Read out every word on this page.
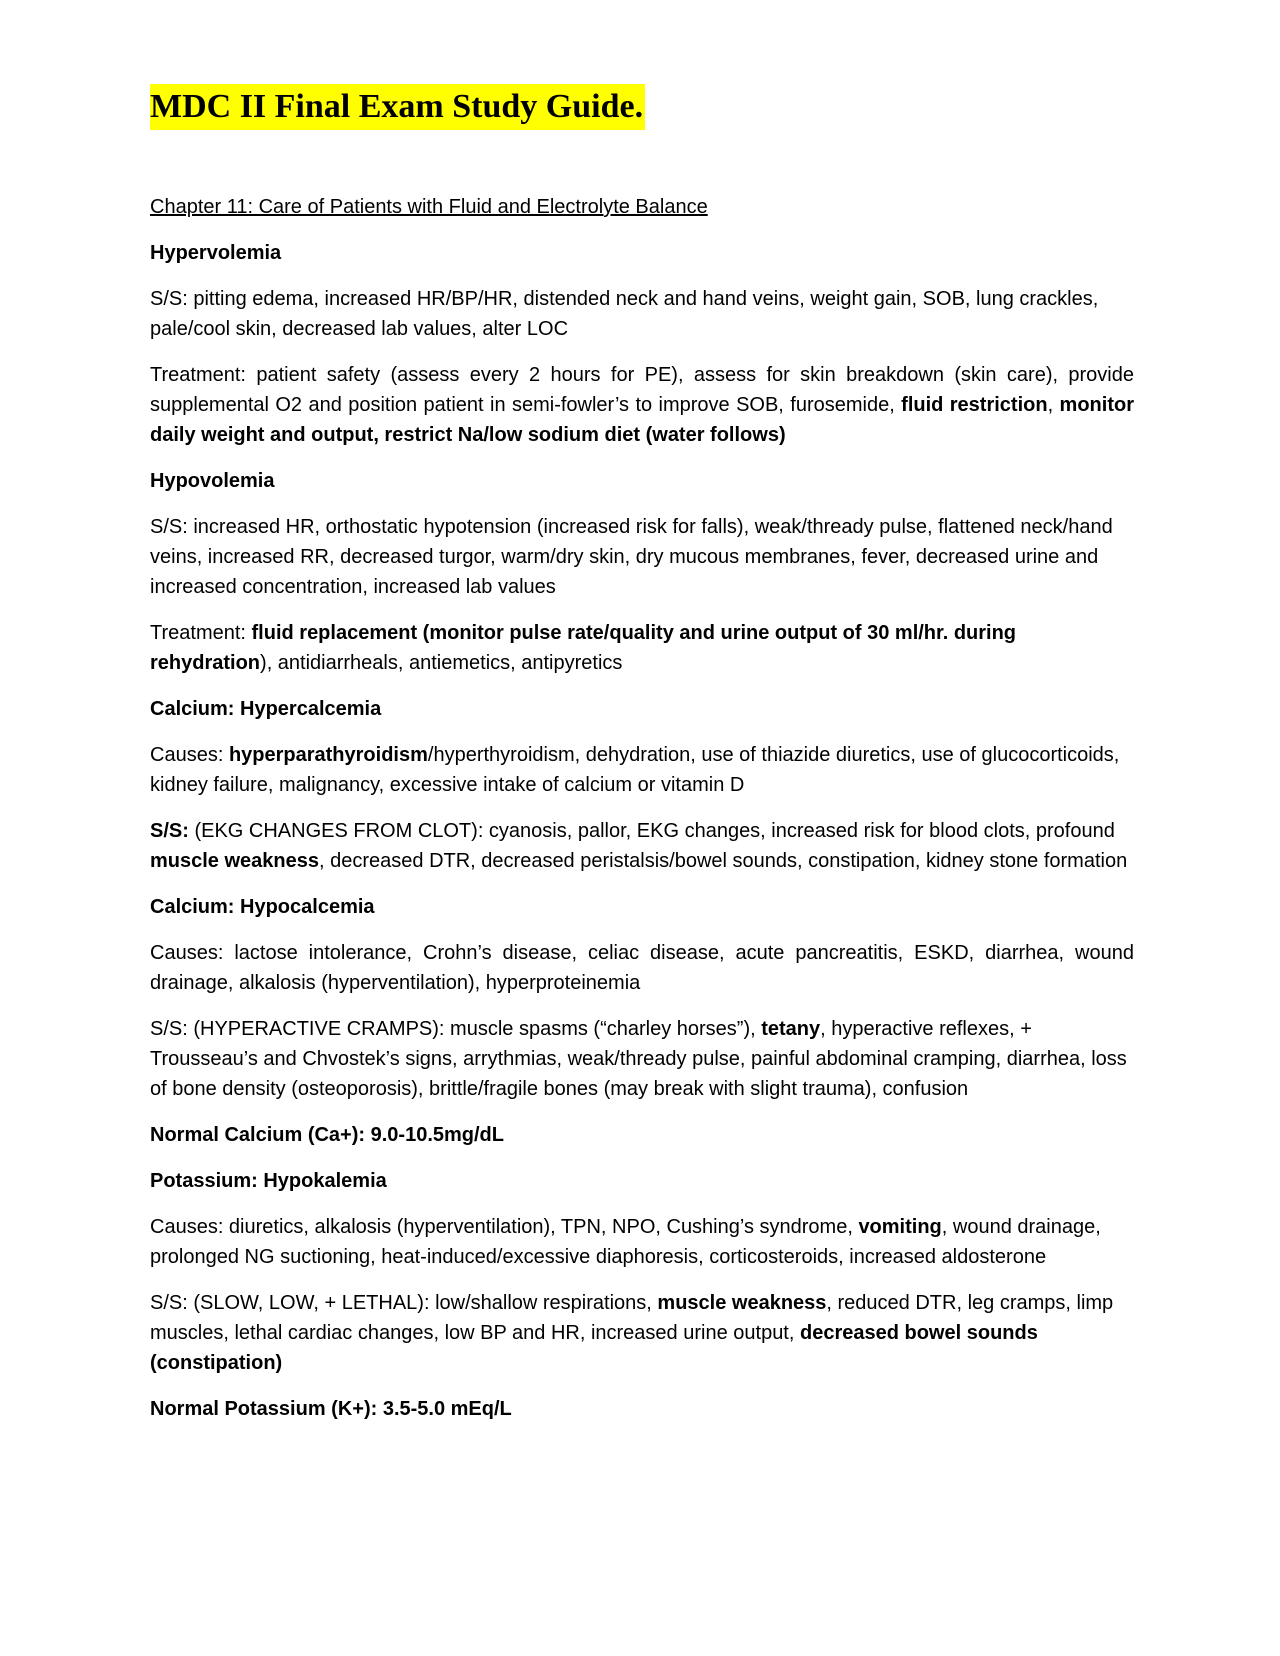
MDC II Final Exam Study Guide.
Chapter 11: Care of Patients with Fluid and Electrolyte Balance
Hypervolemia
S/S: pitting edema, increased HR/BP/HR, distended neck and hand veins, weight gain, SOB, lung crackles, pale/cool skin, decreased lab values, alter LOC
Treatment: patient safety (assess every 2 hours for PE), assess for skin breakdown (skin care), provide supplemental O2 and position patient in semi-fowler’s to improve SOB, furosemide, fluid restriction, monitor daily weight and output, restrict Na/low sodium diet (water follows)
Hypovolemia
S/S: increased HR, orthostatic hypotension (increased risk for falls), weak/thready pulse, flattened neck/hand veins, increased RR, decreased turgor, warm/dry skin, dry mucous membranes, fever, decreased urine and increased concentration, increased lab values
Treatment: fluid replacement (monitor pulse rate/quality and urine output of 30 ml/hr. during rehydration), antidiarrheals, antiemetics, antipyretics
Calcium: Hypercalcemia
Causes: hyperparathyroidism/hyperthyroidism, dehydration, use of thiazide diuretics, use of glucocorticoids, kidney failure, malignancy, excessive intake of calcium or vitamin D
S/S: (EKG CHANGES FROM CLOT): cyanosis, pallor, EKG changes, increased risk for blood clots, profound muscle weakness, decreased DTR, decreased peristalsis/bowel sounds, constipation, kidney stone formation
Calcium: Hypocalcemia
Causes: lactose intolerance, Crohn’s disease, celiac disease, acute pancreatitis, ESKD, diarrhea, wound drainage, alkalosis (hyperventilation), hyperproteinemia
S/S: (HYPERACTIVE CRAMPS): muscle spasms (“charley horses”), tetany, hyperactive reflexes, + Trousseau’s and Chvostek’s signs, arrythmias, weak/thready pulse, painful abdominal cramping, diarrhea, loss of bone density (osteoporosis), brittle/fragile bones (may break with slight trauma), confusion
Normal Calcium (Ca+): 9.0-10.5mg/dL
Potassium: Hypokalemia
Causes: diuretics, alkalosis (hyperventilation), TPN, NPO, Cushing’s syndrome, vomiting, wound drainage, prolonged NG suctioning, heat-induced/excessive diaphoresis, corticosteroids, increased aldosterone
S/S: (SLOW, LOW, + LETHAL): low/shallow respirations, muscle weakness, reduced DTR, leg cramps, limp muscles, lethal cardiac changes, low BP and HR, increased urine output, decreased bowel sounds (constipation)
Normal Potassium (K+): 3.5-5.0 mEq/L
